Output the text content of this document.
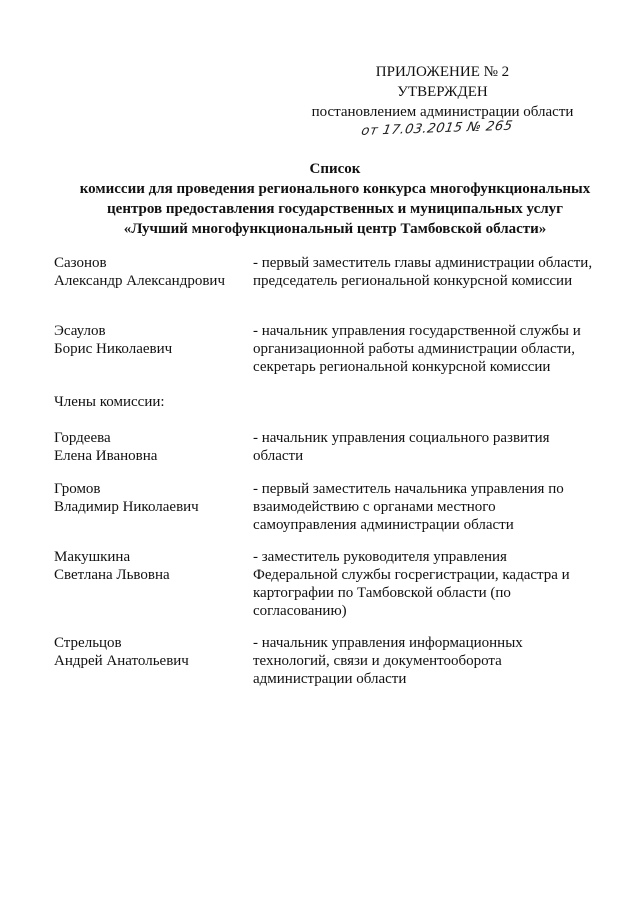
ПРИЛОЖЕНИЕ № 2
УТВЕРЖДЕН
постановлением администрации области
от 17.03.2015 № 265
Список
комиссии для проведения регионального конкурса многофункциональных
центров предоставления государственных и муниципальных услуг
«Лучший многофункциональный центр Тамбовской области»
Сазонов
Александр Александрович
- первый заместитель главы администрации области, председатель региональной конкурсной комиссии
Эсаулов
Борис Николаевич
- начальник управления государственной службы и организационной работы администрации области, секретарь региональной конкурсной комиссии
Члены комиссии:
Гордеева
Елена Ивановна
- начальник управления социального развития области
Громов
Владимир Николаевич
- первый заместитель начальника управления по взаимодействию с органами местного самоуправления администрации области
Макушкина
Светлана Львовна
- заместитель руководителя управления Федеральной службы госрегистрации, кадастра и картографии по Тамбовской области (по согласованию)
Стрельцов
Андрей Анатольевич
- начальник управления информационных технологий, связи и документооборота администрации области
